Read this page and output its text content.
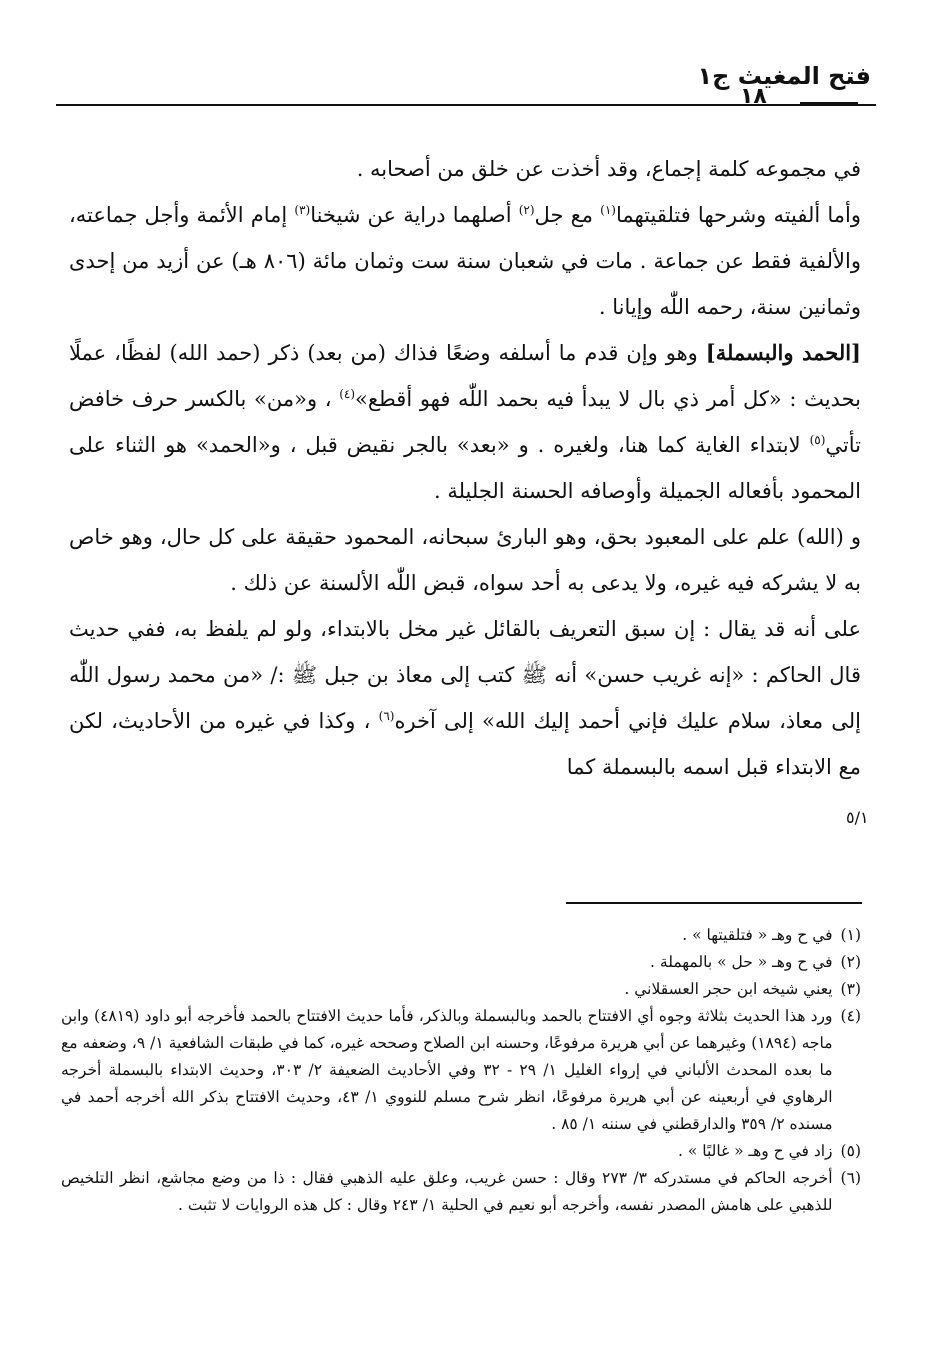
فتح المغيث ج١
١٨
٥/١

في مجموعه كلمة إجماع، وقد أخذت عن خلق من أصحابه .

وأما ألفيته وشرحها فتلقيتهما$^{(١)}$ مع جل$^{(٢)}$ أصلهما دراية عن شيخنا$^{(٣)}$ إمام الأئمة وأجل جماعته، والألفية فقط عن جماعة . مات في شعبان سنة ست وثمان مائة (٨٠٦ هـ) عن أزيد من إحدى وثمانين سنة، رحمه اللّٰه وإيانا .

[الحمد والبسملة] وهو وإن قدم ما أسلفه وضعًا فذاك (من بعد) ذكر (حمد الله) لفظًا، عملًا بحديث : «كل أمر ذي بال لا يبدأ فيه بحمد اللّٰه فهو أقطع»$^{(٤)}$ ، و«من» بالكسر حرف خافض تأتي$^{(٥)}$ لابتداء الغاية كما هنا، ولغيره . و «بعد» بالجر نقيض قبل ، و«الحمد» هو الثناء على المحمود بأفعاله الجميلة وأوصافه الحسنة الجليلة .

و (الله) علم على المعبود بحق، وهو البارئ سبحانه، المحمود حقيقة على كل حال، وهو خاص به لا يشركه فيه غيره، ولا يدعى به أحد سواه، قبض اللّٰه الألسنة عن ذلك .

على أنه قد يقال : إن سبق التعريف بالقائل غير مخل بالابتداء، ولو لم يلفظ به، ففي حديث قال الحاكم : «إنه غريب حسن» أنه ﷺ كتب إلى معاذ بن جبل ﷺ :/ «من محمد رسول اللّٰه إلى معاذ، سلام عليك فإني أحمد إليك الله» إلى آخره$^{(٦)}$ ، وكذا في غيره من الأحاديث، لكن مع الابتداء قبل اسمه بالبسملة كما

(١)
في ح وهـ « فتلقيتها » .
(٢)
في ح وهـ « حل » بالمهملة .
(٣)
يعني شيخه ابن حجر العسقلاني .
(٤)
ورد هذا الحديث بثلاثة وجوه أي الافتتاح بالحمد وبالبسملة وبالذكر، فأما حديث الافتتاح بالحمد فأخرجه أبو داود (٤٨١٩) وابن ماجه (١٨٩٤) وغيرهما عن أبي هريرة مرفوعًا، وحسنه ابن الصلاح وصححه غيره، كما في طبقات الشافعية ١/ ٩، وضعفه مع ما بعده المحدث الألباني في إرواء الغليل ١/ ٢٩ - ٣٢ وفي الأحاديث الضعيفة ٢/ ٣٠٣، وحديث الابتداء بالبسملة أخرجه الرهاوي في أربعينه عن أبي هريرة مرفوعًا، انظر شرح مسلم للنووي ١/ ٤٣، وحديث الافتتاح بذكر الله أخرجه أحمد في مسنده ٢/ ٣٥٩ والدارقطني في سننه ١/ ٨٥ .
(٥)
زاد في ح وهـ « غالبًا » .
(٦)
أخرجه الحاكم في مستدركه ٣/ ٢٧٣ وقال : حسن غريب، وعلق عليه الذهبي فقال : ذا من وضع مجاشع، انظر التلخيص للذهبي على هامش المصدر نفسه، وأخرجه أبو نعيم في الحلية ١/ ٢٤٣ وقال : كل هذه الروايات لا تثبت .
